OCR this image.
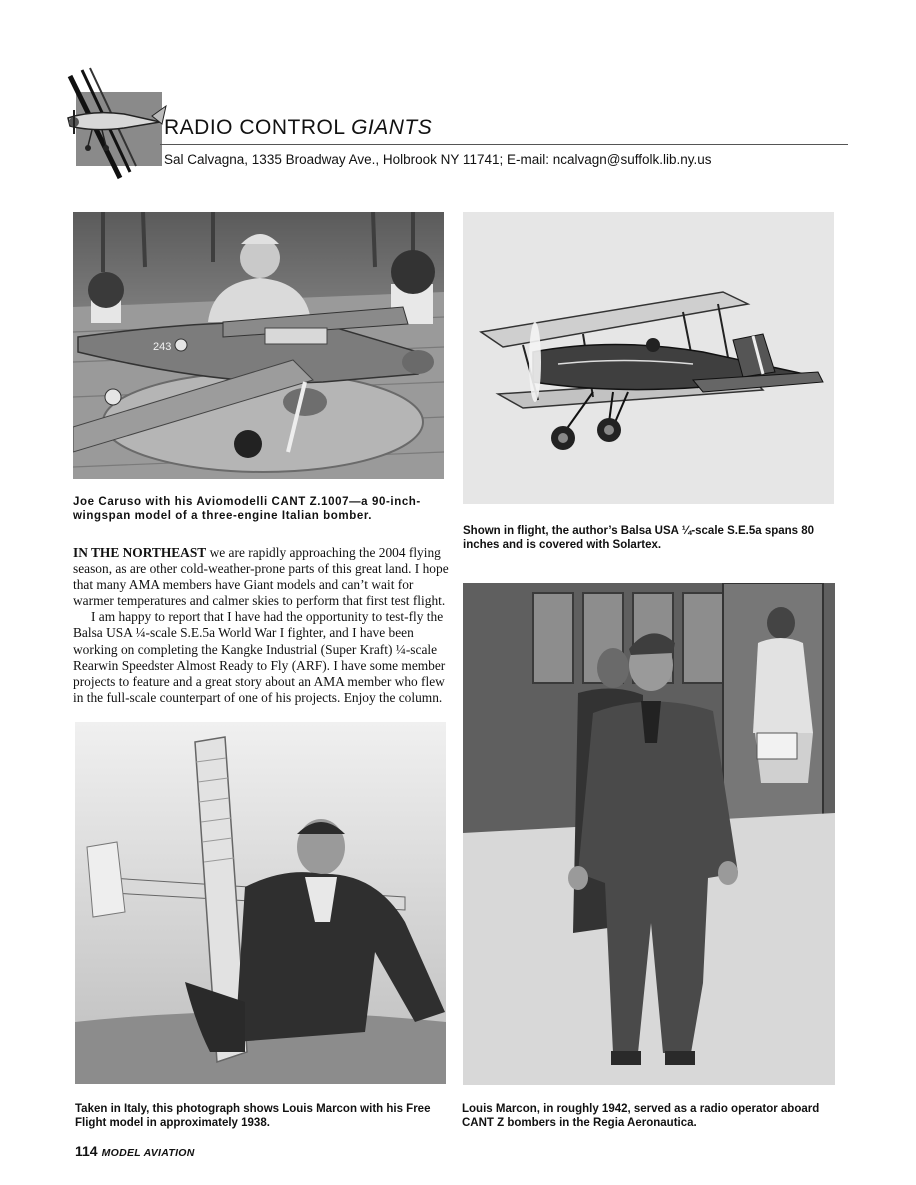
RADIO CONTROL GIANTS
Sal Calvagna, 1335 Broadway Ave., Holbrook NY 11741; E-mail: ncalvagn@suffolk.lib.ny.us
243
Joe Caruso with his Aviomodelli CANT Z.1007—a 90-inch-wingspan model of a three-engine Italian bomber.
Shown in flight, the author’s Balsa USA ¼-scale S.E.5a spans 80 inches and is covered with Solartex.
Taken in Italy, this photograph shows Louis Marcon with his Free Flight model in approximately 1938.
Louis Marcon, in roughly 1942, served as a radio operator aboard CANT Z bombers in the Regia Aeronautica.

IN THE NORTHEAST we are rapidly approaching the 2004 flying season, as are other cold-weather-prone parts of this great land. I hope that many AMA members have Giant models and can’t wait for warmer temperatures and calmer skies to perform that first test flight.

I am happy to report that I have had the opportunity to test-fly the Balsa USA ¼-scale S.E.5a World War I fighter, and I have been working on completing the Kangke Industrial (Super Kraft) ¼-scale Rearwin Speedster Almost Ready to Fly (ARF). I have some member projects to feature and a great story about an AMA member who flew in the full-scale counterpart of one of his projects. Enjoy the column.

114 MODEL AVIATION
